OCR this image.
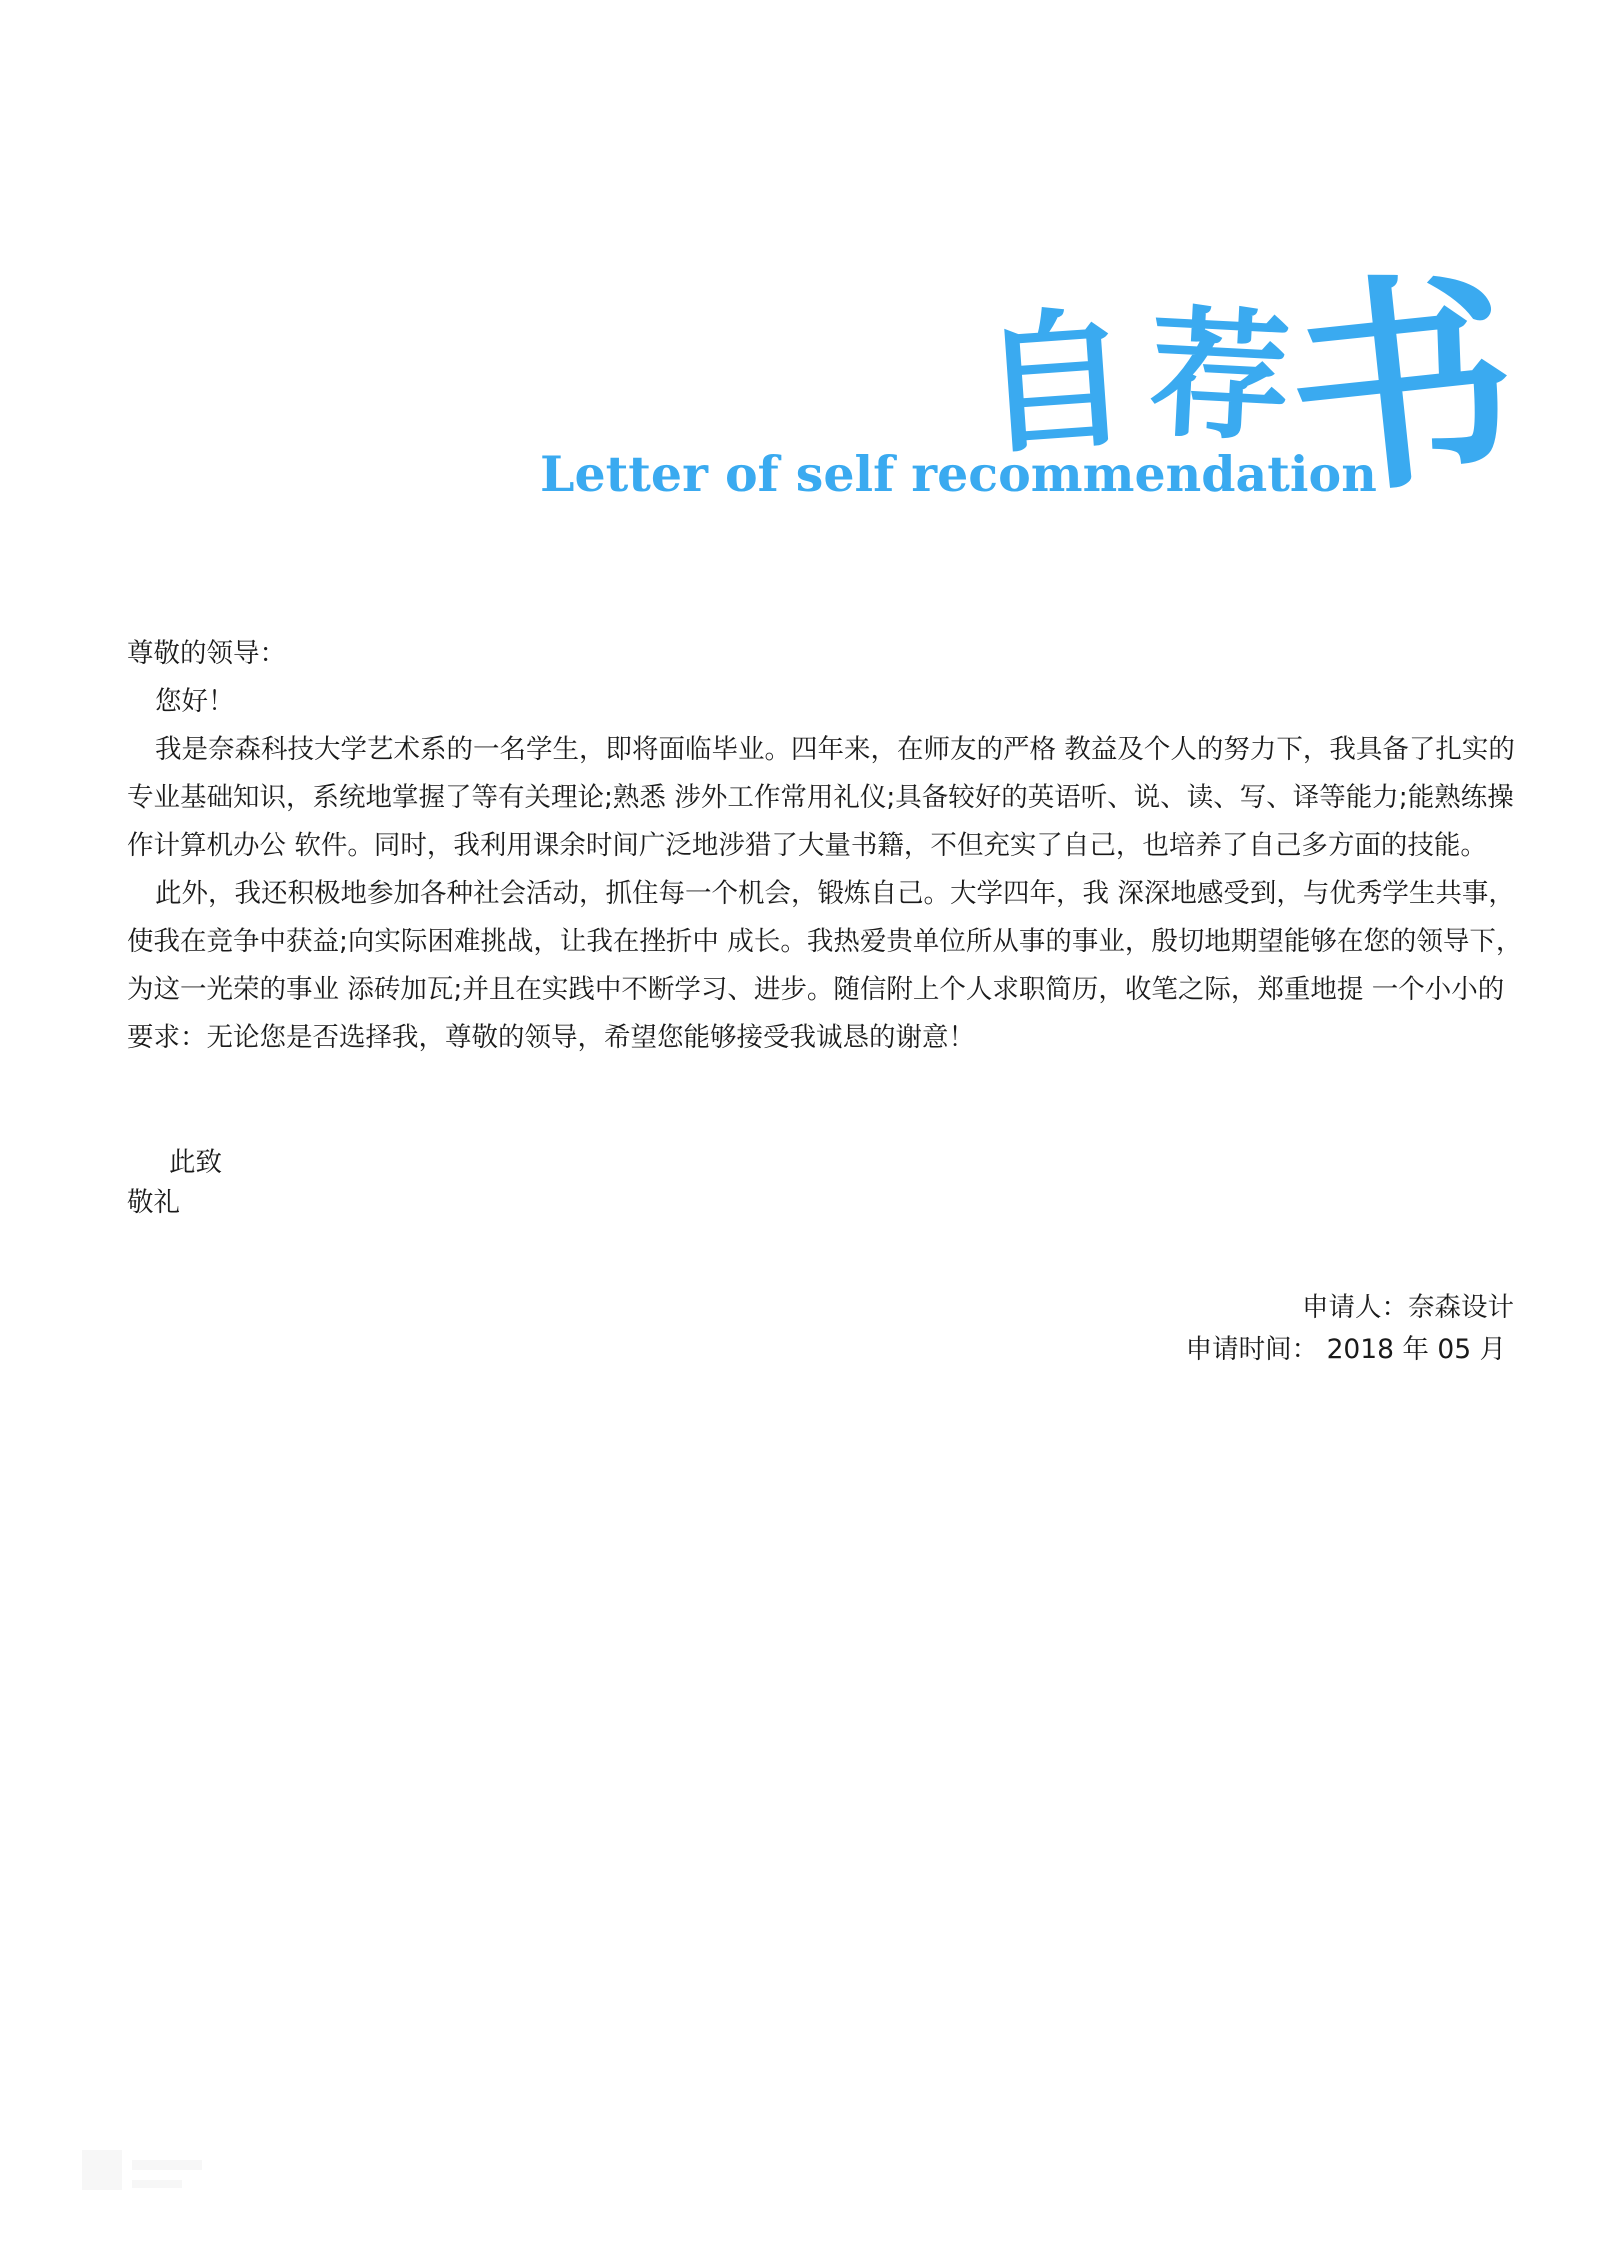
自 荐
书
Letter of self recommendation

尊敬的领导：

您好！

我是奈森科技大学艺术系的一名学生，即将面临毕业。四年来，在师友的严格 教益及个人的努力下，我具备了扎实的专业基础知识，系统地掌握了等有关理论;熟悉 涉外工作常用礼仪;具备较好的英语听、说、读、写、译等能力;能熟练操作计算机办公 软件。同时，我利用课余时间广泛地涉猎了大量书籍，不但充实了自己，也培养了自己多方面的技能。

此外，我还积极地参加各种社会活动，抓住每一个机会，锻炼自己。大学四年，我 深深地感受到，与优秀学生共事，使我在竞争中获益;向实际困难挑战，让我在挫折中 成长。我热爱贵单位所从事的事业，殷切地期望能够在您的领导下，为这一光荣的事业 添砖加瓦;并且在实践中不断学习、进步。随信附上个人求职简历，收笔之际，郑重地提 一个小小的要求：无论您是否选择我，尊敬的领导，希望您能够接受我诚恳的谢意！

此致
敬礼
申请人：奈森设计
申请时间： 2018 年 05 月
